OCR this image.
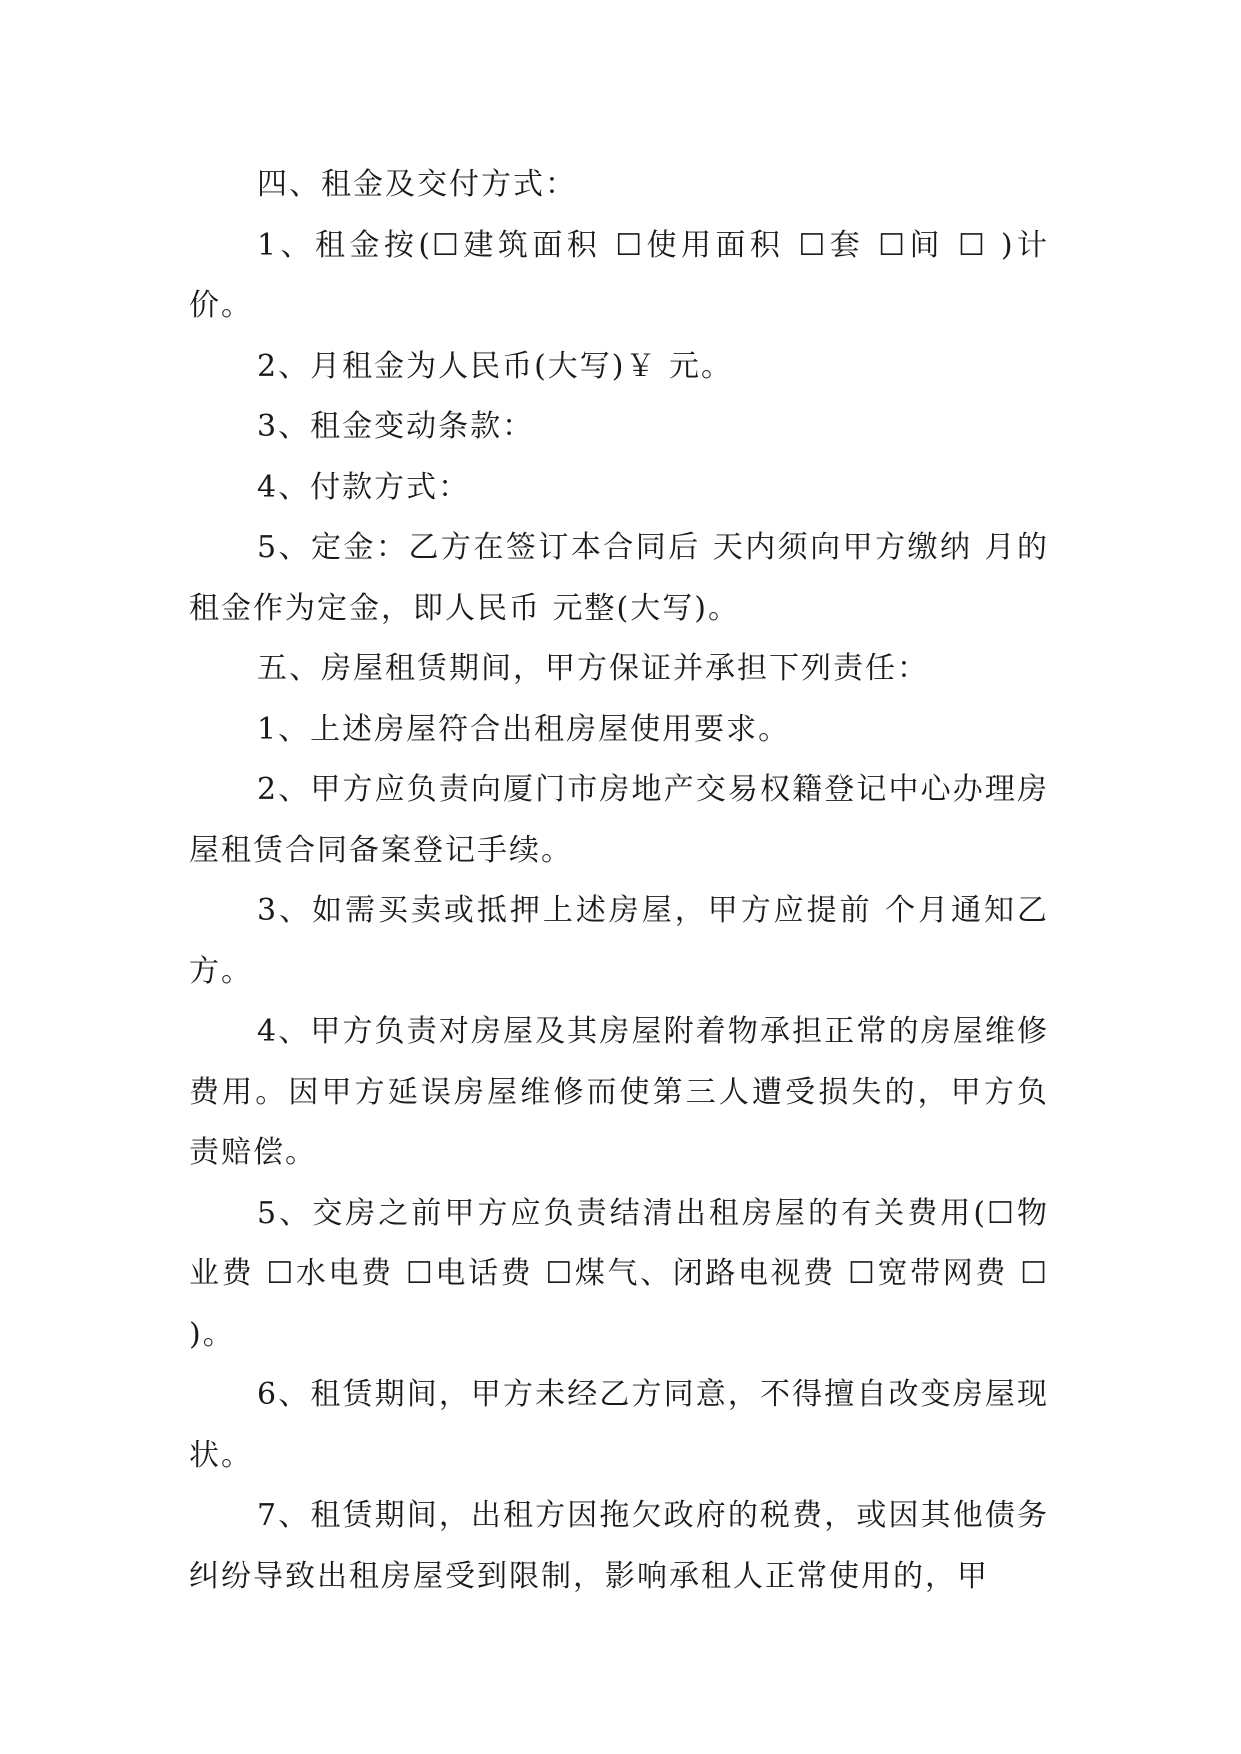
四、租金及交付方式：

1、租金按(☐建筑面积 ☐使用面积 ☐套 ☐间 ☐ )计价。

2、月租金为人民币(大写)￥ 元。

3、租金变动条款：

4、付款方式：

5、定金：乙方在签订本合同后 天内须向甲方缴纳 月的租金作为定金，即人民币 元整(大写)。

五、房屋租赁期间，甲方保证并承担下列责任：

1、上述房屋符合出租房屋使用要求。

2、甲方应负责向厦门市房地产交易权籍登记中心办理房屋租赁合同备案登记手续。

3、如需买卖或抵押上述房屋，甲方应提前 个月通知乙方。

4、甲方负责对房屋及其房屋附着物承担正常的房屋维修费用。因甲方延误房屋维修而使第三人遭受损失的，甲方负责赔偿。

5、交房之前甲方应负责结清出租房屋的有关费用(☐物业费 ☐水电费 ☐电话费 ☐煤气、闭路电视费 ☐宽带网费 ☐ )。

6、租赁期间，甲方未经乙方同意，不得擅自改变房屋现状。

7、租赁期间，出租方因拖欠政府的税费，或因其他债务纠纷导致出租房屋受到限制，影响承租人正常使用的，甲
